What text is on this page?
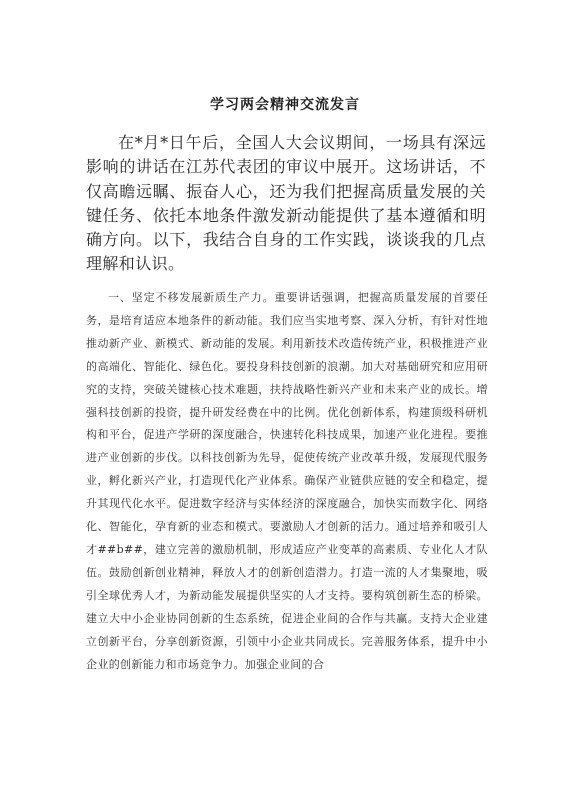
学习两会精神交流发言

在*月*日午后，全国人大会议期间，一场具有深远影响的讲话在江苏代表团的审议中展开。这场讲话，不仅高瞻远瞩、振奋人心，还为我们把握高质量发展的关键任务、依托本地条件激发新动能提供了基本遵循和明确方向。以下，我结合自身的工作实践，谈谈我的几点理解和认识。

一、坚定不移发展新质生产力。重要讲话强调，把握高质量发展的首要任务，是培育适应本地条件的新动能。我们应当实地考察、深入分析，有针对性地推动新产业、新模式、新动能的发展。利用新技术改造传统产业，积极推进产业的高端化、智能化、绿色化。要投身科技创新的浪潮。加大对基础研究和应用研究的支持，突破关键核心技术难题，扶持战略性新兴产业和未来产业的成长。增强科技创新的投资，提升研发经费在中的比例。优化创新体系，构建顶级科研机构和平台，促进产学研的深度融合，快速转化科技成果，加速产业化进程。要推进产业创新的步伐。以科技创新为先导，促使传统产业改革升级，发展现代服务业，孵化新兴产业，打造现代化产业体系。确保产业链供应链的安全和稳定，提升其现代化水平。促进数字经济与实体经济的深度融合，加快实而数字化、网络化、智能化，孕育新的业态和模式。要激励人才创新的活力。通过培养和吸引人才##b##，建立完善的激励机制，形成适应产业变革的高素质、专业化人才队伍。鼓励创新创业精神，释放人才的创新创造潜力。打造一流的人才集聚地，吸引全球优秀人才，为新动能发展提供坚实的人才支持。要构筑创新生态的桥梁。建立大中小企业协同创新的生态系统，促进企业间的合作与共赢。支持大企业建立创新平台，分享创新资源，引领中小企业共同成长。完善服务体系，提升中小企业的创新能力和市场竞争力。加强企业间的合
